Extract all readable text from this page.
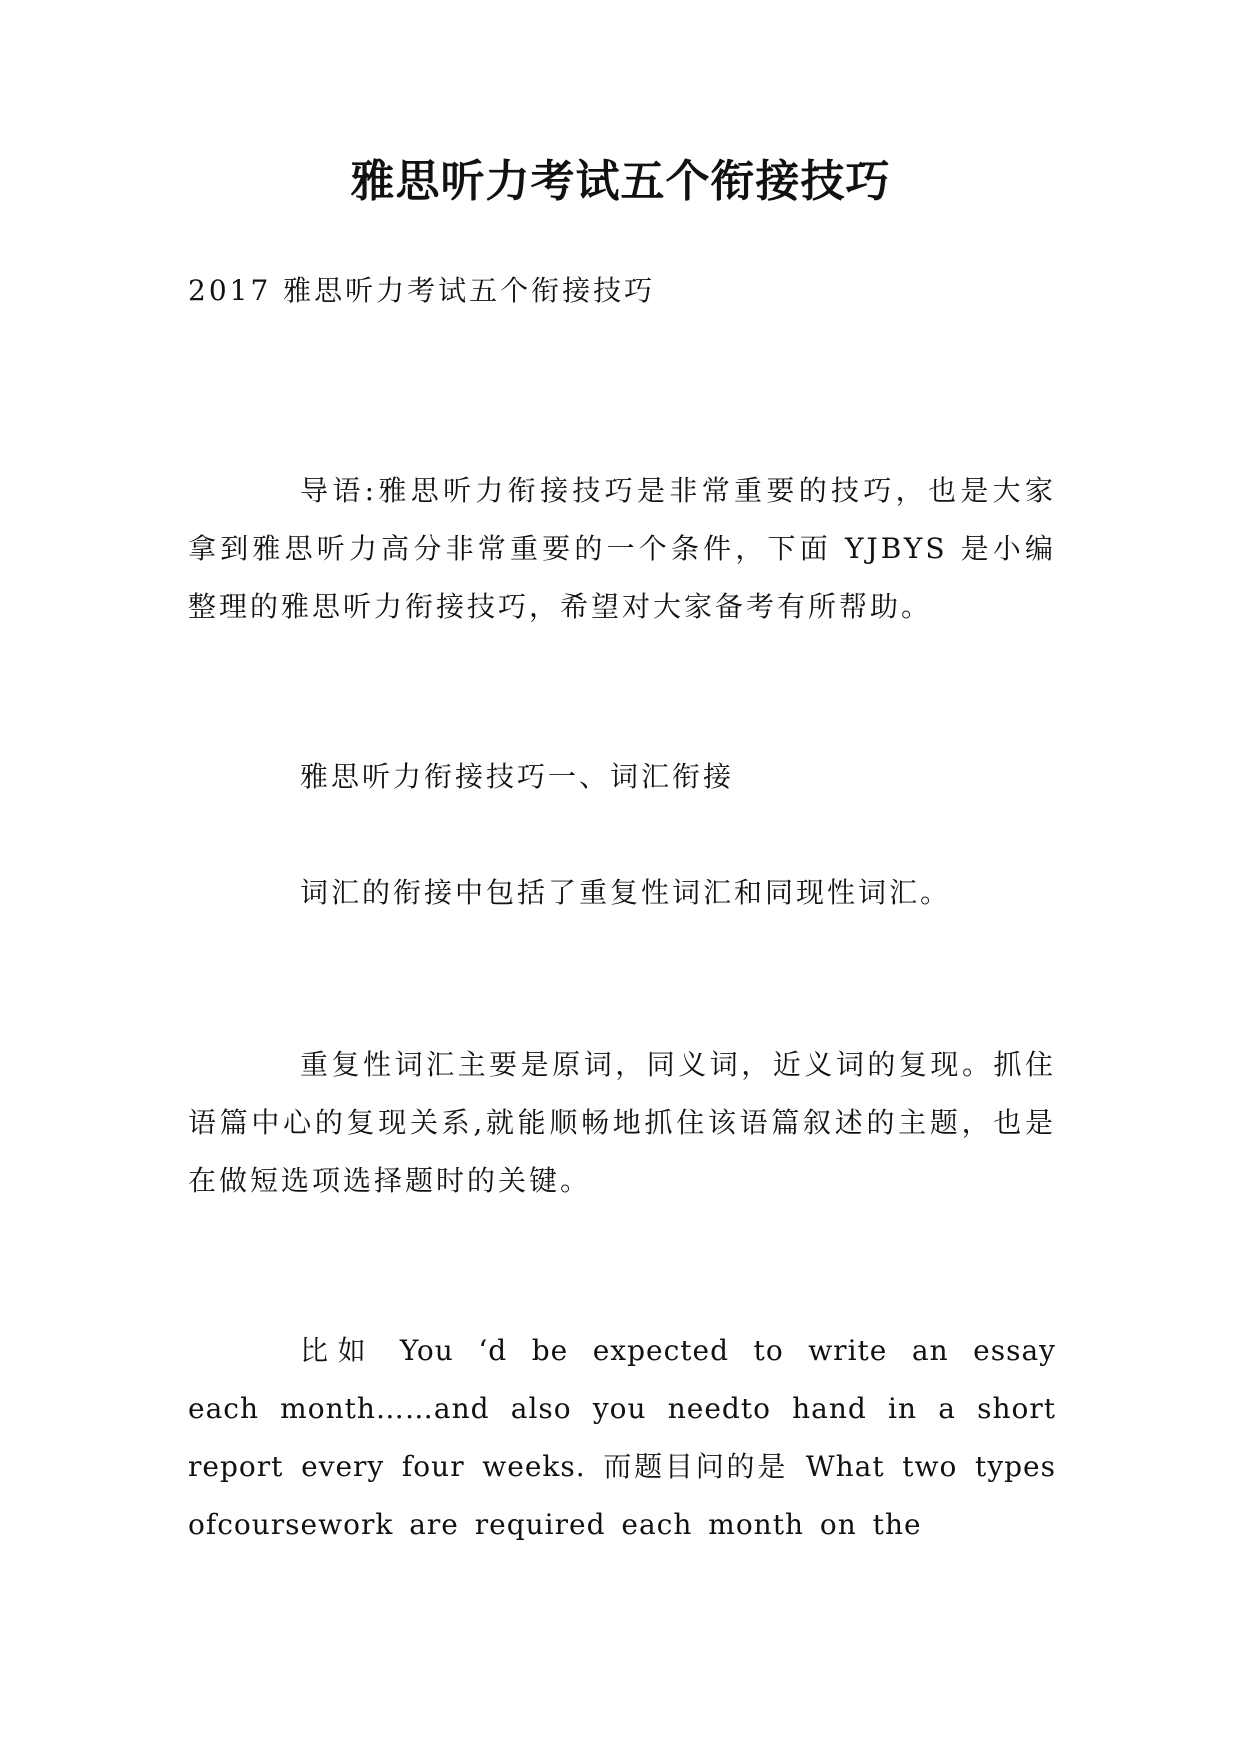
雅思听力考试五个衔接技巧

2017 雅思听力考试五个衔接技巧

导语:雅思听力衔接技巧是非常重要的技巧，也是大家拿到雅思听力高分非常重要的一个条件，下面 YJBYS 是小编整理的雅思听力衔接技巧，希望对大家备考有所帮助。

雅思听力衔接技巧一、词汇衔接

词汇的衔接中包括了重复性词汇和同现性词汇。

重复性词汇主要是原词，同义词，近义词的复现。抓住语篇中心的复现关系,就能顺畅地抓住该语篇叙述的主题，也是在做短选项选择题时的关键。

比如 You ‘d be expected to write an essay each month……and also you needto hand in a short report every four weeks. 而题目问的是 What two types ofcoursework are required each month on the
